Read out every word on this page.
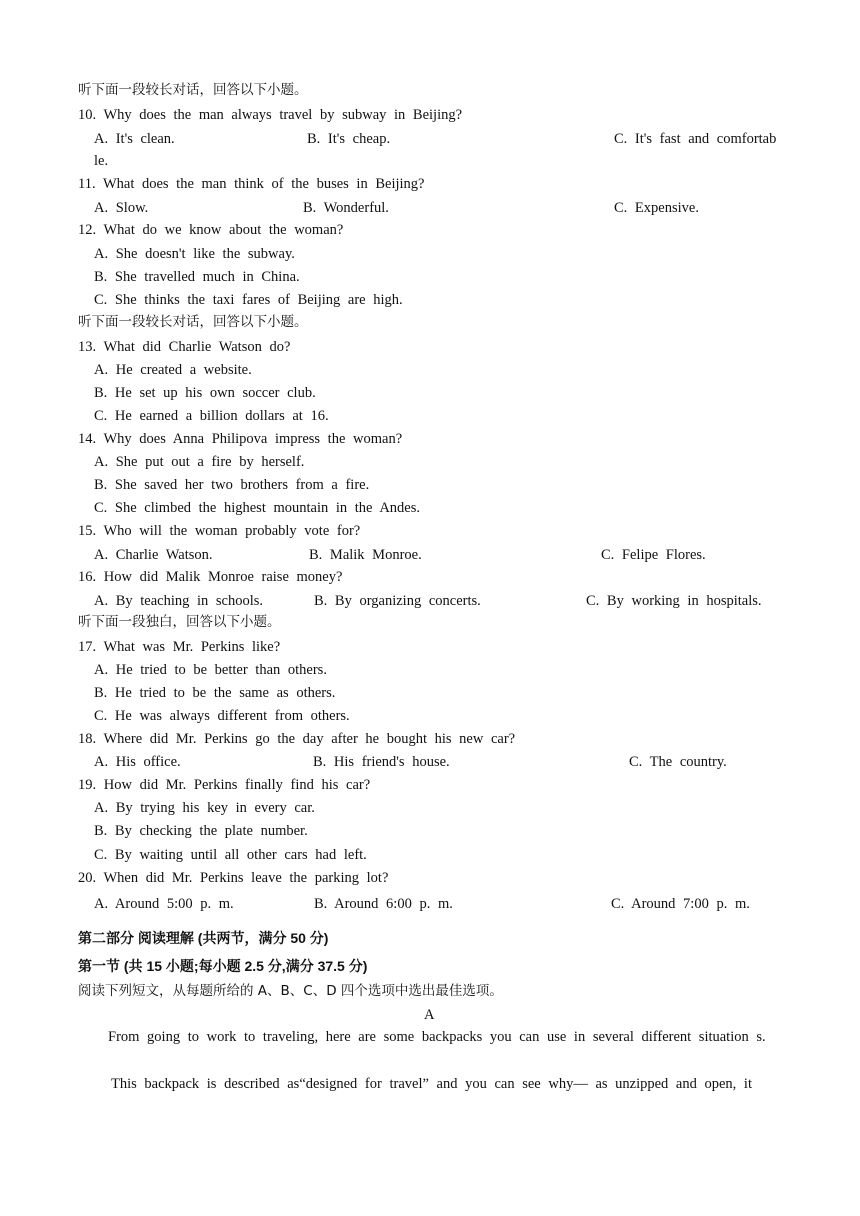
听下面一段较长对话，回答以下小题。
10. Why does the man always travel by subway in Beijing?
A. It's clean.	B. It's cheap.	C. It's fast and comfortab
le.
11. What does the man think of the buses in Beijing?
A. Slow.	B. Wonderful.	C. Expensive.
12. What do we know about the woman?
A. She doesn't like the subway.
B. She travelled much in China.
C. She thinks the taxi fares of Beijing are high.
听下面一段较长对话，回答以下小题。
13. What did Charlie Watson do?
A. He created a website.
B. He set up his own soccer club.
C. He earned a billion dollars at 16.
14. Why does Anna Philipova impress the woman?
A. She put out a fire by herself.
B. She saved her two brothers from a fire.
C. She climbed the highest mountain in the Andes.
15. Who will the woman probably vote for?
A. Charlie Watson.	B. Malik Monroe.	C. Felipe Flores.
16. How did Malik Monroe raise money?
A. By teaching in schools.	B. By organizing concerts.	C. By working in hospitals.
听下面一段独白，回答以下小题。
17. What was Mr. Perkins like?
A. He tried to be better than others.
B. He tried to be the same as others.
C. He was always different from others.
18. Where did Mr. Perkins go the day after he bought his new car?
A. His office.	B. His friend's house.	C. The country.
19. How did Mr. Perkins finally find his car?
A. By trying his key in every car.
B. By checking the plate number.
C. By waiting until all other cars had left.
20. When did Mr. Perkins leave the parking lot?
A. Around 5:00 p. m.	B. Around 6:00 p. m.	C. Around 7:00 p. m.
第二部分 阅读理解 (共两节，满分 50 分)
第一节 (共 15 小题;每小题 2.5 分,满分 37.5 分)
阅读下列短文，从每题所给的 A、B、C、D 四个选项中选出最佳选项。
A
From going to work to traveling, here are some backpacks you can use in several different situation s.
This backpack is described as“designed for travel” and you can see why— as unzipped and open, it
